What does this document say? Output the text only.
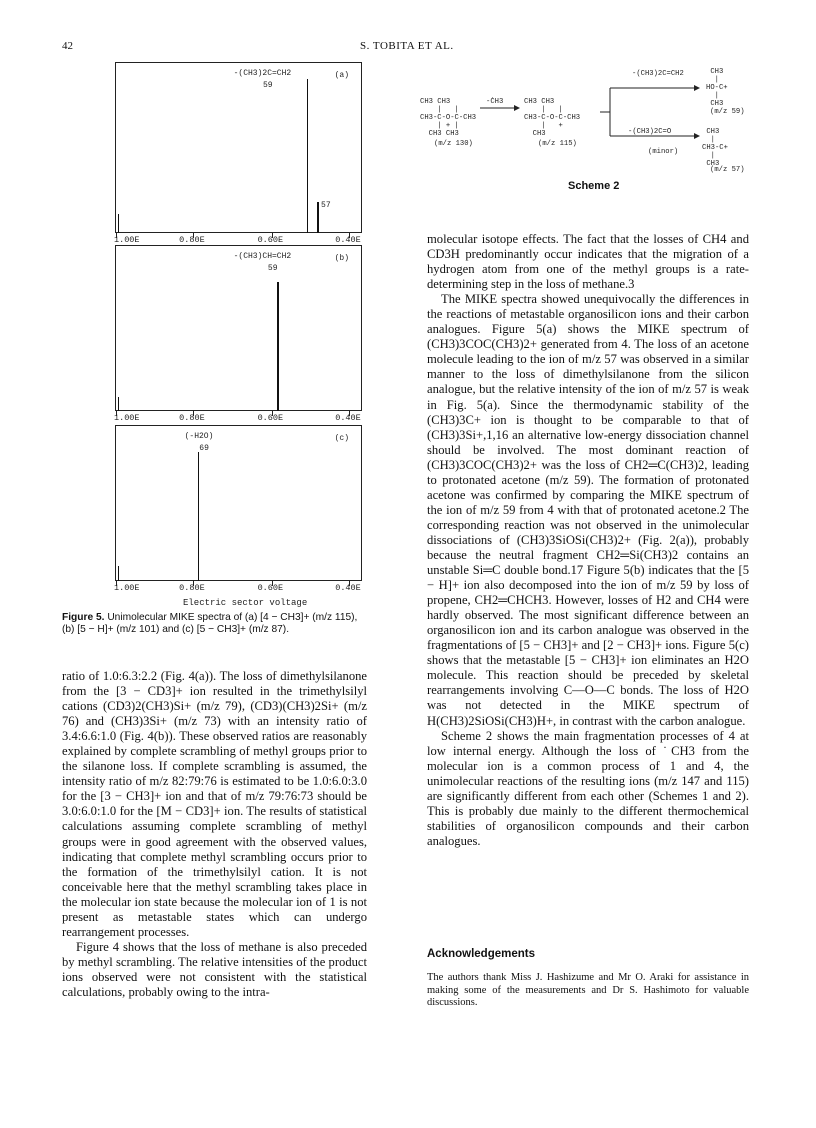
42	S. TOBITA ET AL.
1.00E	0.80E	0.60E	0.40E
57
-(CH3)2C=CH2
59
(a)
1.00E	0.80E	0.60E	0.40E
-(CH3)CH=CH2
59
(b)
1.00E	0.80E	0.60E	0.40E
(-H2O)
69
(c)
Electric sector voltage
Figure 5. Unimolecular MIKE spectra of (a) [4 − CH3]+ (m/z 115), (b) [5 − H]+ (m/z 101) and (c) [5 − CH3]+ (m/z 87).

ratio of 1.0:6.3:2.2 (Fig. 4(a)). The loss of dimethylsilanone from the [3 − CD3]+ ion resulted in the trimethylsilyl cations (CD3)2(CH3)Si+ (m/z 79), (CD3)(CH3)2Si+ (m/z 76) and (CH3)3Si+ (m/z 73) with an intensity ratio of 3.4:6.6:1.0 (Fig. 4(b)). These observed ratios are reasonably explained by complete scrambling of methyl groups prior to the silanone loss. If complete scrambling is assumed, the intensity ratio of m/z 82:79:76 is estimated to be 1.0:6.0:3.0 for the [3 − CH3]+ ion and that of m/z 79:76:73 should be 3.0:6.0:1.0 for the [M − CD3]+ ion. The results of statistical calculations assuming complete scrambling of methyl groups were in good agreement with the observed values, indicating that complete methyl scrambling occurs prior to the formation of the trimethylsilyl cation. It is not conceivable here that the methyl scrambling takes place in the molecular ion state because the molecular ion of 1 is not present as metastable states which can undergo rearrangement processes.

Figure 4 shows that the loss of methane is also preceded by methyl scrambling. The relative intensities of the product ions observed were not consistent with the statistical calculations, probably owing to the intra-

CH3 CH3
|   |
CH3-C-O-C-CH3
| + |
CH3 CH3
(m/z 130)
-ĊH3	CH3 CH3
|   |
CH3-C-O-C-CH3
|   +
CH3
(m/z 115)
-(CH3)2C=CH2
-(CH3)2C=O
(minor)
CH3
|
HO-C+
|
CH3
(m/z 59)
CH3
|
CH3-C+
|
CH3
(m/z 57)
Scheme 2

molecular isotope effects. The fact that the losses of CH4 and CD3H predominantly occur indicates that the migration of a hydrogen atom from one of the methyl groups is a rate-determining step in the loss of methane.3

The MIKE spectra showed unequivocally the differences in the reactions of metastable organosilicon ions and their carbon analogues. Figure 5(a) shows the MIKE spectrum of (CH3)3COC(CH3)2+ generated from 4. The loss of an acetone molecule leading to the ion of m/z 57 was observed in a similar manner to the loss of dimethylsilanone from the silicon analogue, but the relative intensity of the ion of m/z 57 is weak in Fig. 5(a). Since the thermodynamic stability of the (CH3)3C+ ion is thought to be comparable to that of (CH3)3Si+,1,16 an alternative low-energy dissociation channel should be involved. The most dominant reaction of (CH3)3COC(CH3)2+ was the loss of CH2═C(CH3)2, leading to protonated acetone (m/z 59). The formation of protonated acetone was confirmed by comparing the MIKE spectrum of the ion of m/z 59 from 4 with that of protonated acetone.2 The corresponding reaction was not observed in the unimolecular dissociations of (CH3)3SiOSi(CH3)2+ (Fig. 2(a)), probably because the neutral fragment CH2═Si(CH3)2 contains an unstable Si═C double bond.17 Figure 5(b) indicates that the [5 − H]+ ion also decomposed into the ion of m/z 59 by loss of propene, CH2═CHCH3. However, losses of H2 and CH4 were hardly observed. The most significant difference between an organosilicon ion and its carbon analogue was observed in the fragmentations of [5 − CH3]+ and [2 − CH3]+ ions. Figure 5(c) shows that the metastable [5 − CH3]+ ion eliminates an H2O molecule. This reaction should be preceded by skeletal rearrangements involving C—O—C bonds. The loss of H2O was not detected in the MIKE spectrum of H(CH3)2SiOSi(CH3)H+, in contrast with the carbon analogue.

Scheme 2 shows the main fragmentation processes of 4 at low internal energy. Although the loss of ˙CH3 from the molecular ion is a common process of 1 and 4, the unimolecular reactions of the resulting ions (m/z 147 and 115) are significantly different from each other (Schemes 1 and 2). This is probably due mainly to the different thermochemical stabilities of organosilicon compounds and their carbon analogues.

Acknowledgements
The authors thank Miss J. Hashizume and Mr O. Araki for assistance in making some of the measurements and Dr S. Hashimoto for valuable discussions.
